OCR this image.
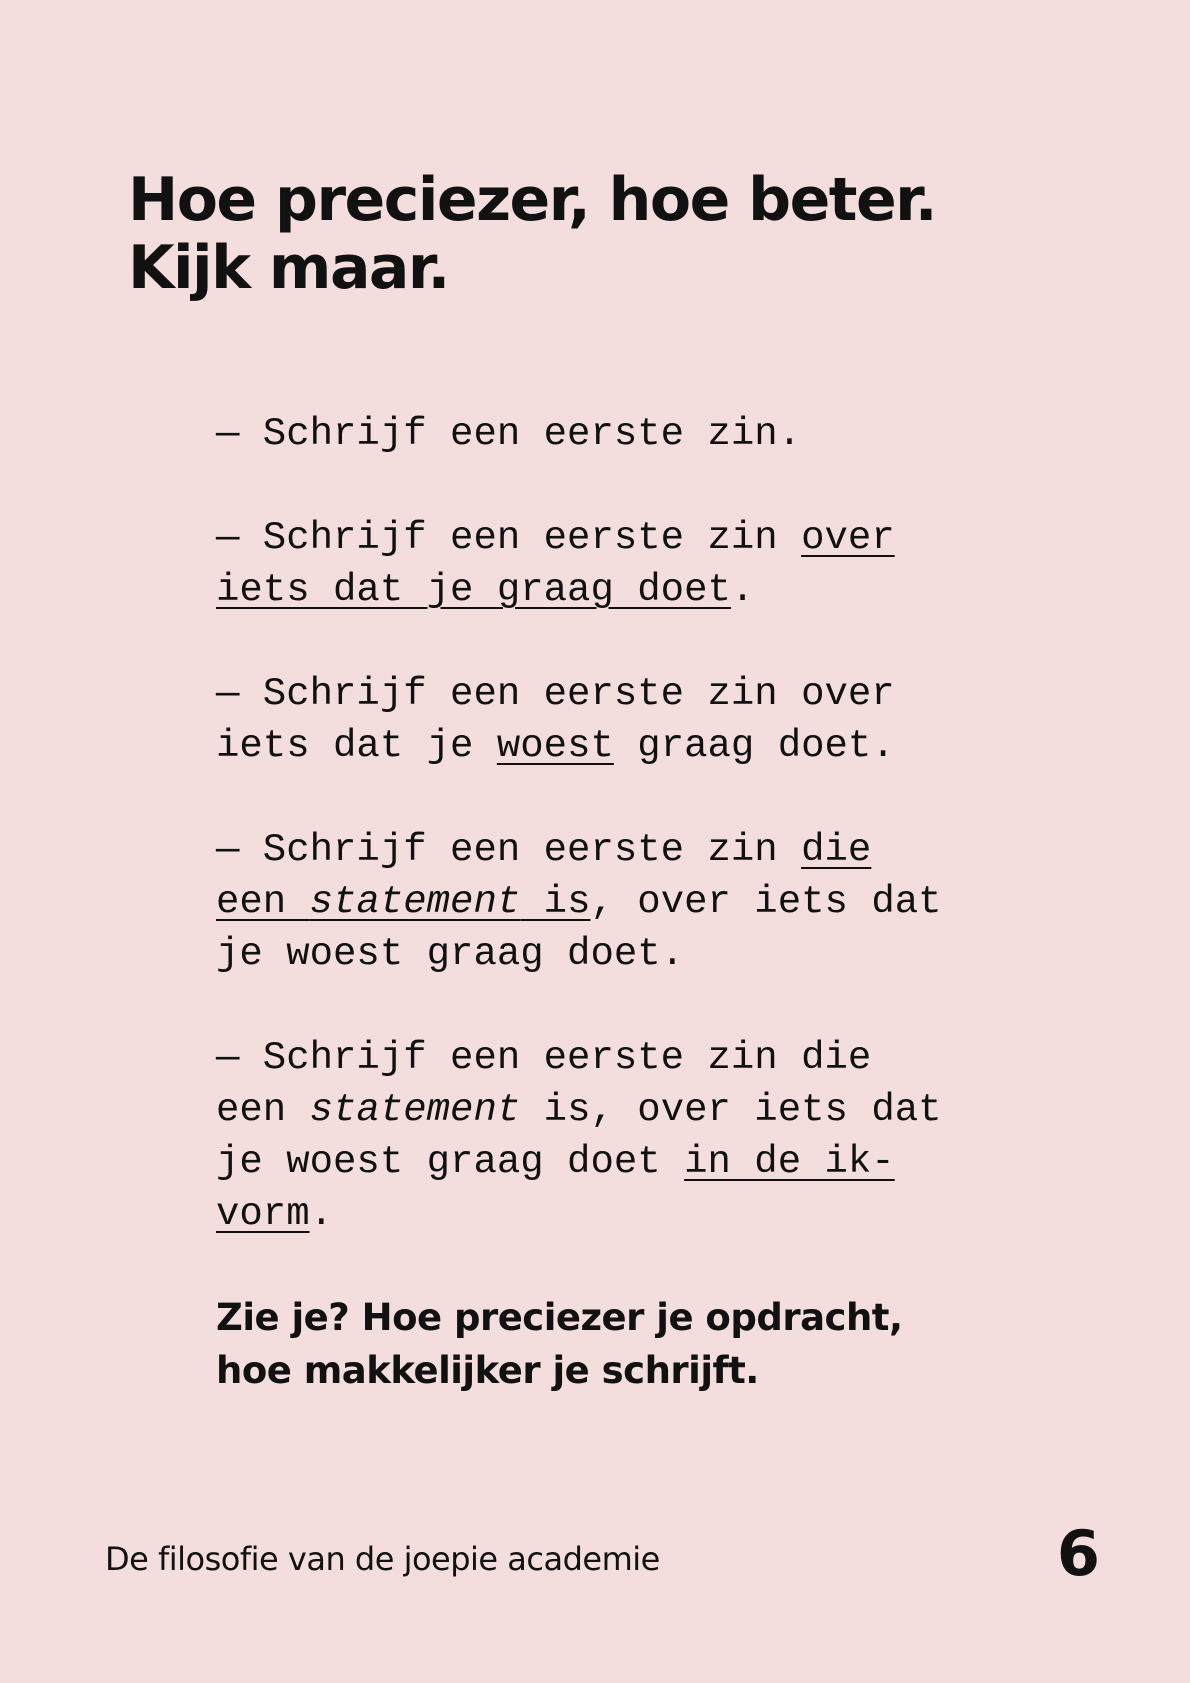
Hoe preciezer, hoe beter.
Kijk maar.

— Schrijf een eerste zin.

— Schrijf een eerste zin over
iets dat je graag doet.

— Schrijf een eerste zin over
iets dat je woest graag doet.

— Schrijf een eerste zin die
een statement is, over iets dat
je woest graag doet.

— Schrijf een eerste zin die
een statement is, over iets dat
je woest graag doet in de ik-
vorm.

Zie je? Hoe preciezer je opdracht,
hoe makkelijker je schrijft.

De filosofie van de joepie academie	6
